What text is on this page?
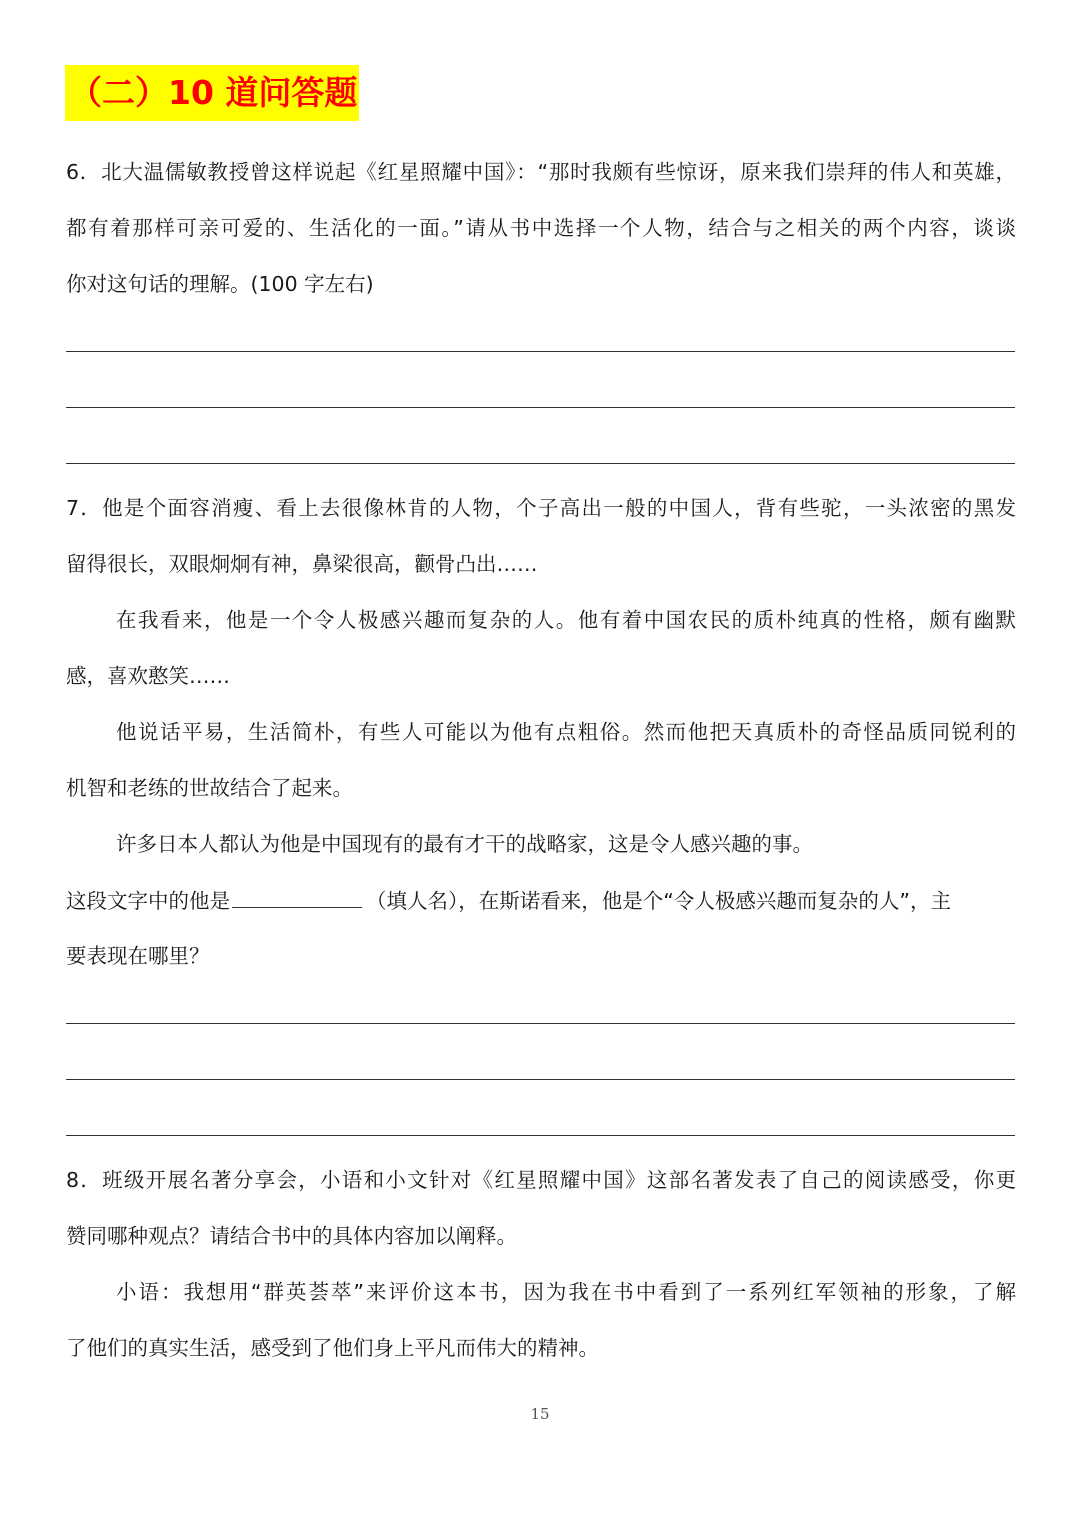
（二）10 道问答题
6．北大温儒敏教授曾这样说起《红星照耀中国》：“那时我颇有些惊讶，原来我们崇拜的伟人和英雄，
都有着那样可亲可爱的、生活化的一面。”请从书中选择一个人物，结合与之相关的两个内容，谈谈
你对这句话的理解。(100 字左右)
7．他是个面容消瘦、看上去很像林肯的人物，个子高出一般的中国人，背有些驼，一头浓密的黑发
留得很长，双眼炯炯有神，鼻梁很高，颧骨凸出……
在我看来，他是一个令人极感兴趣而复杂的人。他有着中国农民的质朴纯真的性格，颇有幽默
感，喜欢憨笑……
他说话平易，生活简朴，有些人可能以为他有点粗俗。然而他把天真质朴的奇怪品质同锐利的
机智和老练的世故结合了起来。
许多日本人都认为他是中国现有的最有才干的战略家，这是令人感兴趣的事。
这段文字中的他是	（填人名），在斯诺看来，他是个“令人极感兴趣而复杂的人”，主
要表现在哪里？
8．班级开展名著分享会，小语和小文针对《红星照耀中国》这部名著发表了自己的阅读感受，你更
赞同哪种观点？请结合书中的具体内容加以阐释。
小语：我想用“群英荟萃”来评价这本书，因为我在书中看到了一系列红军领袖的形象，了解
了他们的真实生活，感受到了他们身上平凡而伟大的精神。
15
